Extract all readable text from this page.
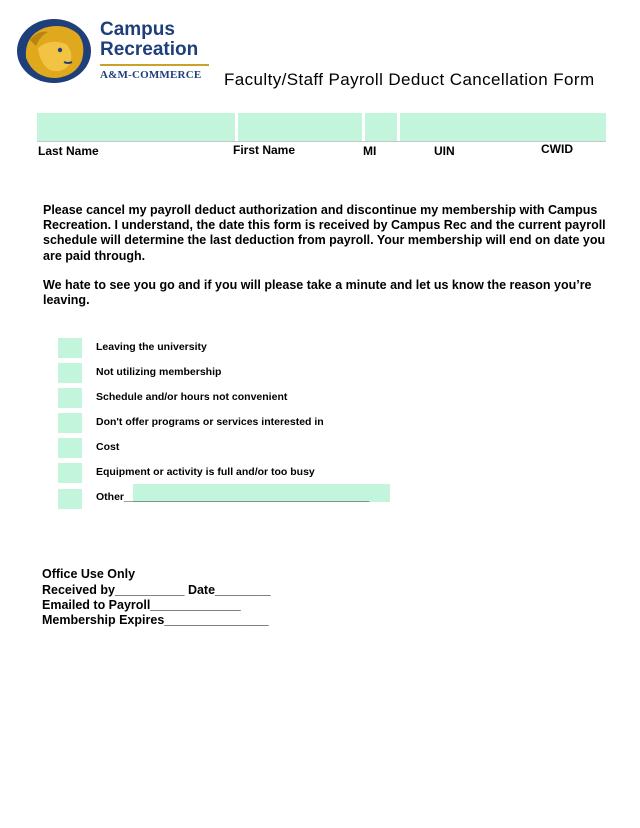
Campus
Recreation
A&M-COMMERCE Faculty/Staff Payroll Deduct Cancellation Form
Last Name	First Name	MI	UIN	CWID
Please cancel my payroll deduct authorization and discontinue my membership with Campus Recreation. I understand, the date this form is received by Campus Rec and the current payroll schedule will determine the last deduction from payroll. Your membership will end on date you are paid through.
We hate to see you go and if you will please take a minute and let us know the reason you’re leaving.
Leaving the university
Not utilizing membership
Schedule and/or hours not convenient
Don't offer programs or services interested in
Cost
Equipment or activity is full and/or too busy
Other__________________________________________
Office Use Only
Received by__________ Date________
Emailed to Payroll_____________
Membership Expires_______________
